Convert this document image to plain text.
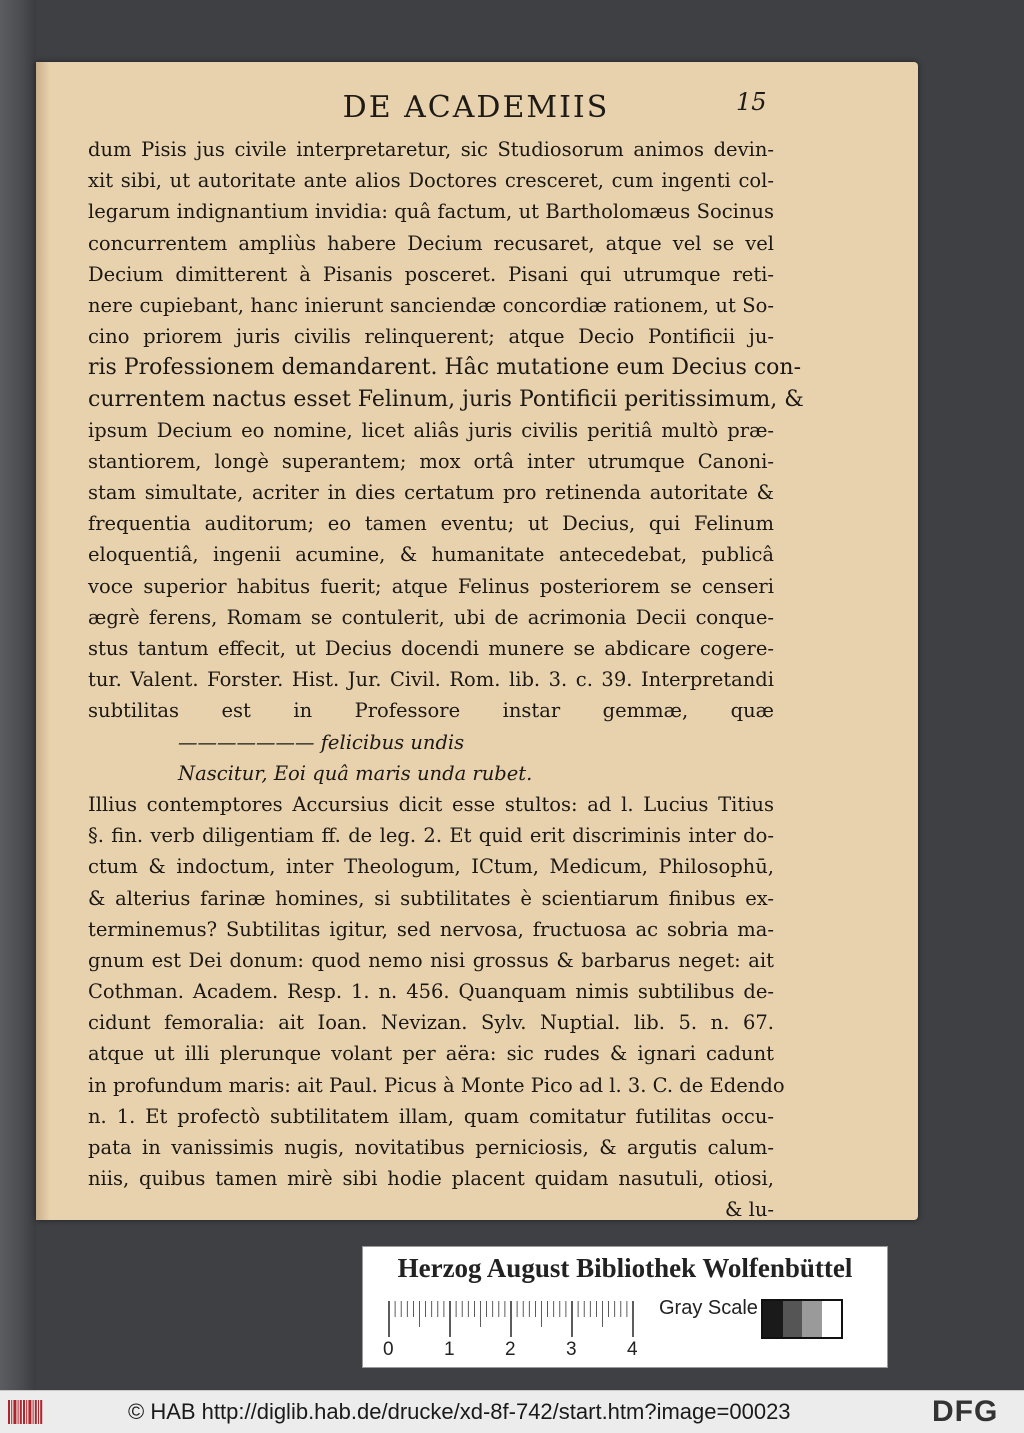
DE ACADEMIIS	15
dum Pisis jus civile interpretaretur, sic Studiosorum animos devin-
xit sibi, ut autoritate ante alios Doctores cresceret, cum ingenti col-
legarum indignantium invidia: quâ factum, ut Bartholomæus Socinus
concurrentem ampliùs habere Decium recusaret, atque vel se vel
Decium dimitterent à Pisanis posceret. Pisani qui utrumque reti-
nere cupiebant, hanc inierunt sanciendæ concordiæ rationem, ut So-
cino priorem juris civilis relinquerent; atque Decio Pontificii ju-
ris Professionem demandarent. Hâc mutatione eum Decius con-
currentem nactus esset Felinum, juris Pontificii peritissimum, &
ipsum Decium eo nomine, licet aliâs juris civilis peritiâ multò præ-
stantiorem, longè superantem; mox ortâ inter utrumque Canoni-
stam simultate, acriter in dies certatum pro retinenda autoritate &
frequentia auditorum; eo tamen eventu; ut Decius, qui Felinum
eloquentiâ, ingenii acumine, & humanitate antecedebat, publicâ
voce superior habitus fuerit; atque Felinus posteriorem se censeri
ægrè ferens, Romam se contulerit, ubi de acrimonia Decii conque-
stus tantum effecit, ut Decius docendi munere se abdicare cogere-
tur. Valent. Forster. Hist. Jur. Civil. Rom. lib. 3. c. 39. Interpretandi
subtilitas est in Professore instar gemmæ, quæ
——————— felicibus undis
Nascitur, Eoi quâ maris unda rubet.
Illius contemptores Accursius dicit esse stultos: ad l. Lucius Titius
§. fin. verb diligentiam ff. de leg. 2. Et quid erit discriminis inter do-
ctum & indoctum, inter Theologum, ICtum, Medicum, Philosophū,
& alterius farinæ homines, si subtilitates è scientiarum finibus ex-
terminemus? Subtilitas igitur, sed nervosa, fructuosa ac sobria ma-
gnum est Dei donum: quod nemo nisi grossus & barbarus neget: ait
Cothman. Academ. Resp. 1. n. 456. Quanquam nimis subtilibus de-
cidunt femoralia: ait Ioan. Nevizan. Sylv. Nuptial. lib. 5. n. 67.
atque ut illi plerunque volant per aëra: sic rudes & ignari cadunt
in profundum maris: ait Paul. Picus à Monte Pico ad l. 3. C. de Edendo
n. 1. Et profectò subtilitatem illam, quam comitatur futilitas occu-
pata in vanissimis nugis, novitatibus perniciosis, & argutis calum-
niis, quibus tamen mirè sibi hodie placent quidam nasutuli, otiosi,
& lu-
Herzog August Bibliothek Wolfenbüttel
0	1	2	3	4
Gray Scale
© HAB http://diglib.hab.de/drucke/xd-8f-742/start.htm?image=00023	DFG
